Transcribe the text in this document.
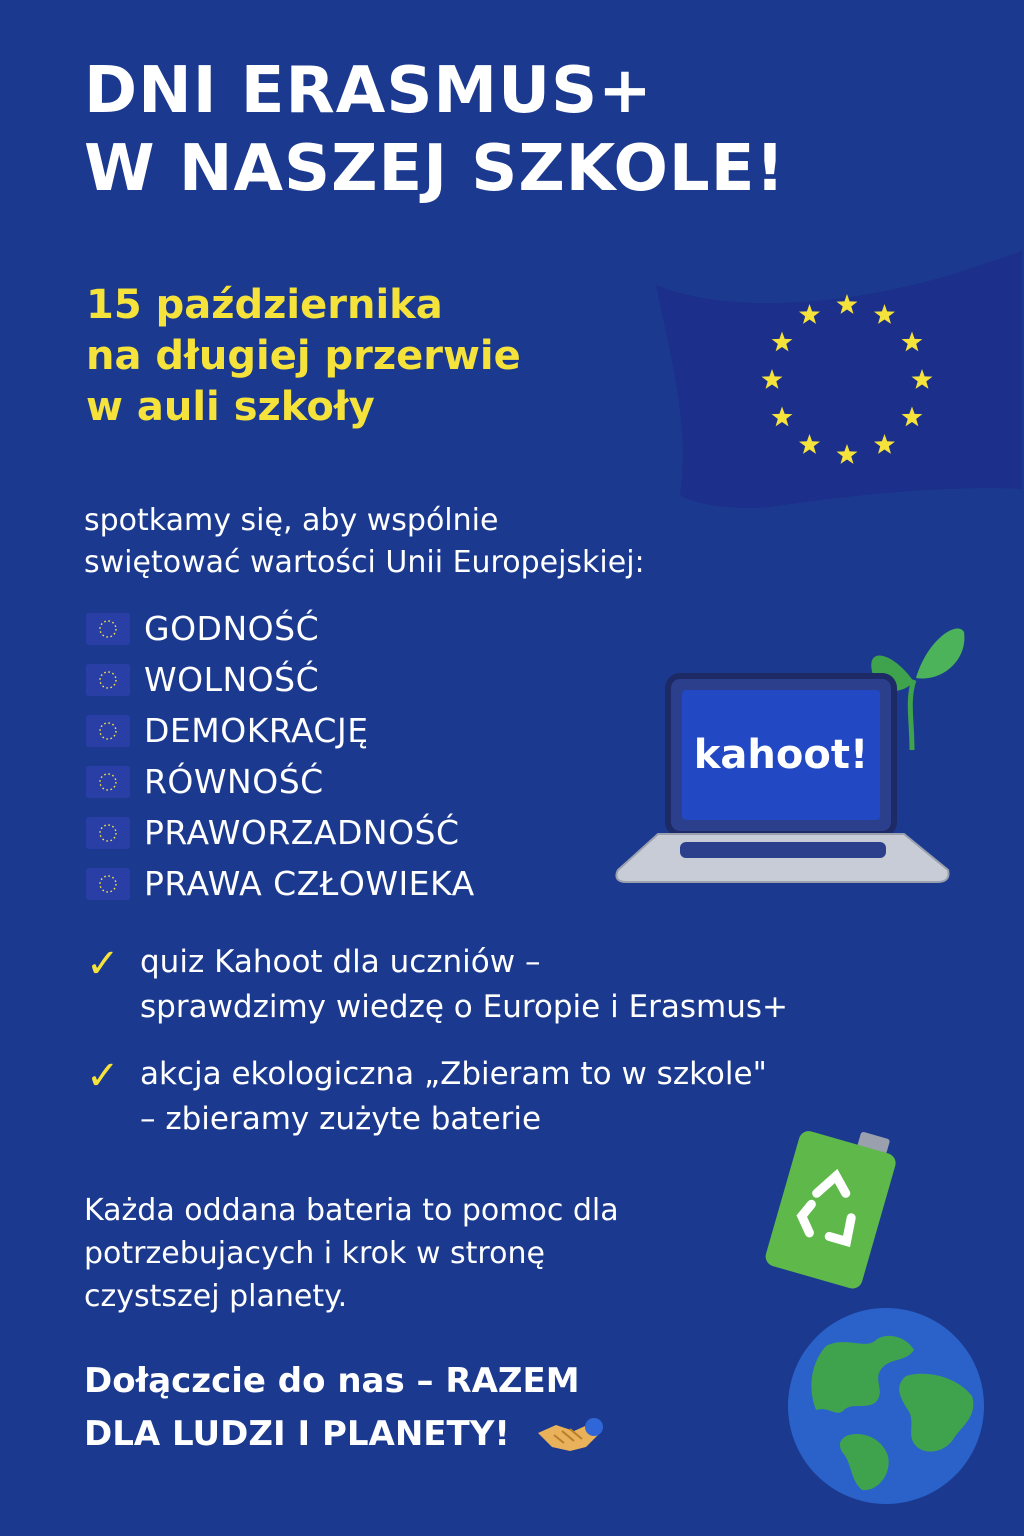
DNI ERASMUS+
W NASZEJ SZKOLE!
15 października
na długiej przerwie
w auli szkoły
spotkamy się, aby wspólnie
swiętować wartości Unii Europejskiej:
GODNOŚĆ
WOLNOŚĆ
DEMOKRACJĘ
RÓWNOŚĆ
PRAWORZADNOŚĆ
PRAWA CZŁOWIEKA
kahoot!
✓ quiz Kahoot dla uczniów –
sprawdzimy wiedzę o Europie i Erasmus+
✓ akcja ekologiczna „Zbieram to w szkole"
– zbieramy zużyte baterie
Każda oddana bateria to pomoc dla
potrzebujacych i krok w stronę
czystszej planety.
Dołączcie do nas – RAZEM
DLA LUDZI I PLANETY!
